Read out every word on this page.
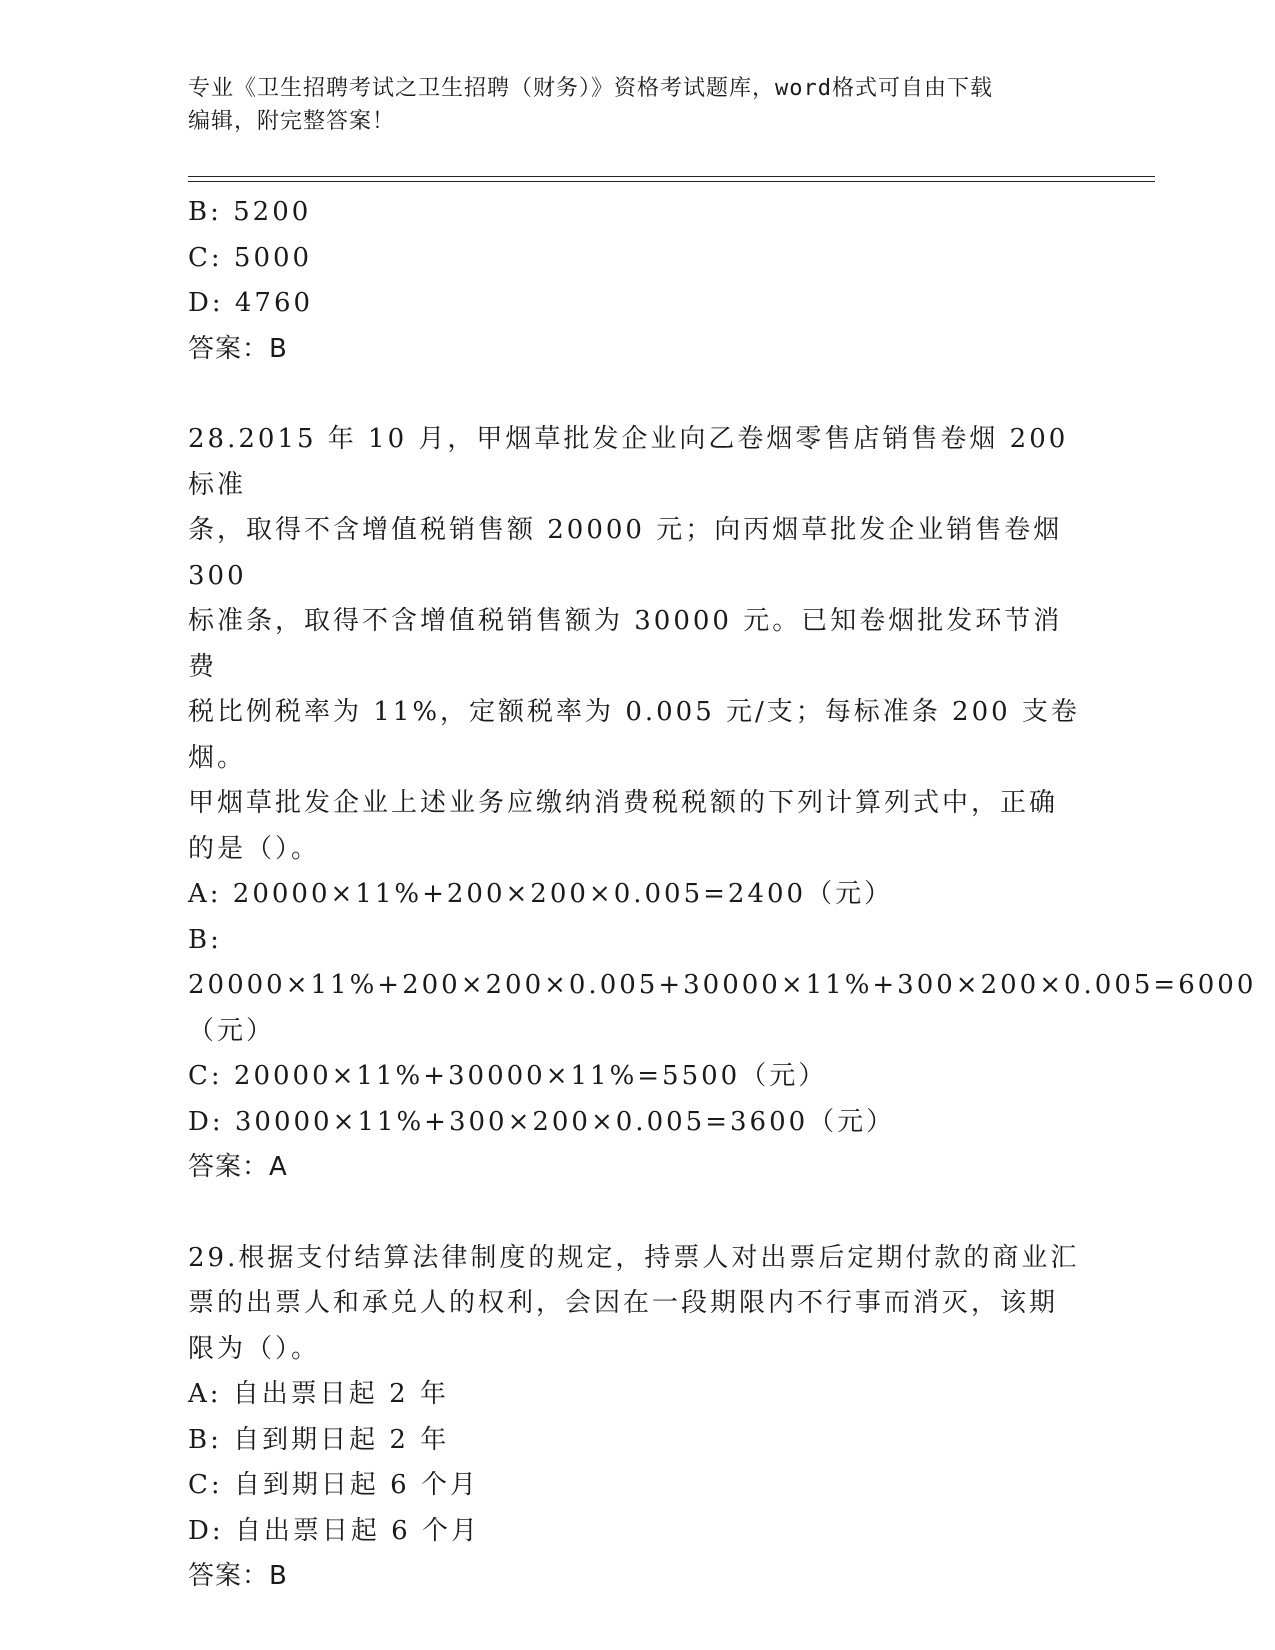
专业《卫生招聘考试之卫生招聘（财务）》资格考试题库，word格式可自由下载
编辑，附完整答案！
B: 5200
C: 5000
D: 4760
答案：B
28.2015 年 10 月，甲烟草批发企业向乙卷烟零售店销售卷烟 200 标准
条，取得不含增值税销售额 20000 元；向丙烟草批发企业销售卷烟 300
标准条，取得不含增值税销售额为 30000 元。已知卷烟批发环节消费
税比例税率为 11%，定额税率为 0.005 元/支；每标准条 200 支卷烟。
甲烟草批发企业上述业务应缴纳消费税税额的下列计算列式中，正确
的是（）。
A: 20000×11%+200×200×0.005=2400（元）
B: 20000×11%+200×200×0.005+30000×11%+300×200×0.005=6000
（元）
C: 20000×11%+30000×11%=5500（元）
D: 30000×11%+300×200×0.005=3600（元）
答案：A
29.根据支付结算法律制度的规定，持票人对出票后定期付款的商业汇
票的出票人和承兑人的权利，会因在一段期限内不行事而消灭，该期
限为（）。
A: 自出票日起 2 年
B: 自到期日起 2 年
C: 自到期日起 6 个月
D: 自出票日起 6 个月
答案：B
